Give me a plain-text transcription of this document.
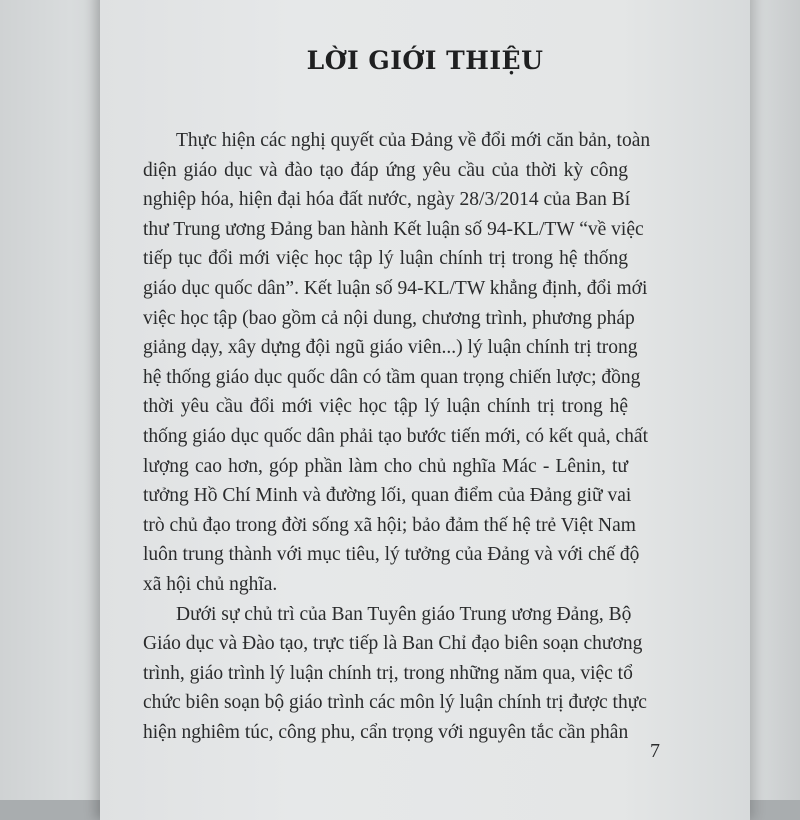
LỜI GIỚI THIỆU
Thực hiện các nghị quyết của Đảng về đổi mới căn bản, toàn
diện giáo dục và đào tạo đáp ứng yêu cầu của thời kỳ công
nghiệp hóa, hiện đại hóa đất nước, ngày 28/3/2014 của Ban Bí
thư Trung ương Đảng ban hành Kết luận số 94-KL/TW “về việc
tiếp tục đổi mới việc học tập lý luận chính trị trong hệ thống
giáo dục quốc dân”. Kết luận số 94-KL/TW khẳng định, đổi mới
việc học tập (bao gồm cả nội dung, chương trình, phương pháp
giảng dạy, xây dựng đội ngũ giáo viên...) lý luận chính trị trong
hệ thống giáo dục quốc dân có tầm quan trọng chiến lược; đồng
thời yêu cầu đổi mới việc học tập lý luận chính trị trong hệ
thống giáo dục quốc dân phải tạo bước tiến mới, có kết quả, chất
lượng cao hơn, góp phần làm cho chủ nghĩa Mác - Lênin, tư
tưởng Hồ Chí Minh và đường lối, quan điểm của Đảng giữ vai
trò chủ đạo trong đời sống xã hội; bảo đảm thế hệ trẻ Việt Nam
luôn trung thành với mục tiêu, lý tưởng của Đảng và với chế độ
xã hội chủ nghĩa.
Dưới sự chủ trì của Ban Tuyên giáo Trung ương Đảng, Bộ
Giáo dục và Đào tạo, trực tiếp là Ban Chỉ đạo biên soạn chương
trình, giáo trình lý luận chính trị, trong những năm qua, việc tổ
chức biên soạn bộ giáo trình các môn lý luận chính trị được thực
hiện nghiêm túc, công phu, cẩn trọng với nguyên tắc cần phân
7
